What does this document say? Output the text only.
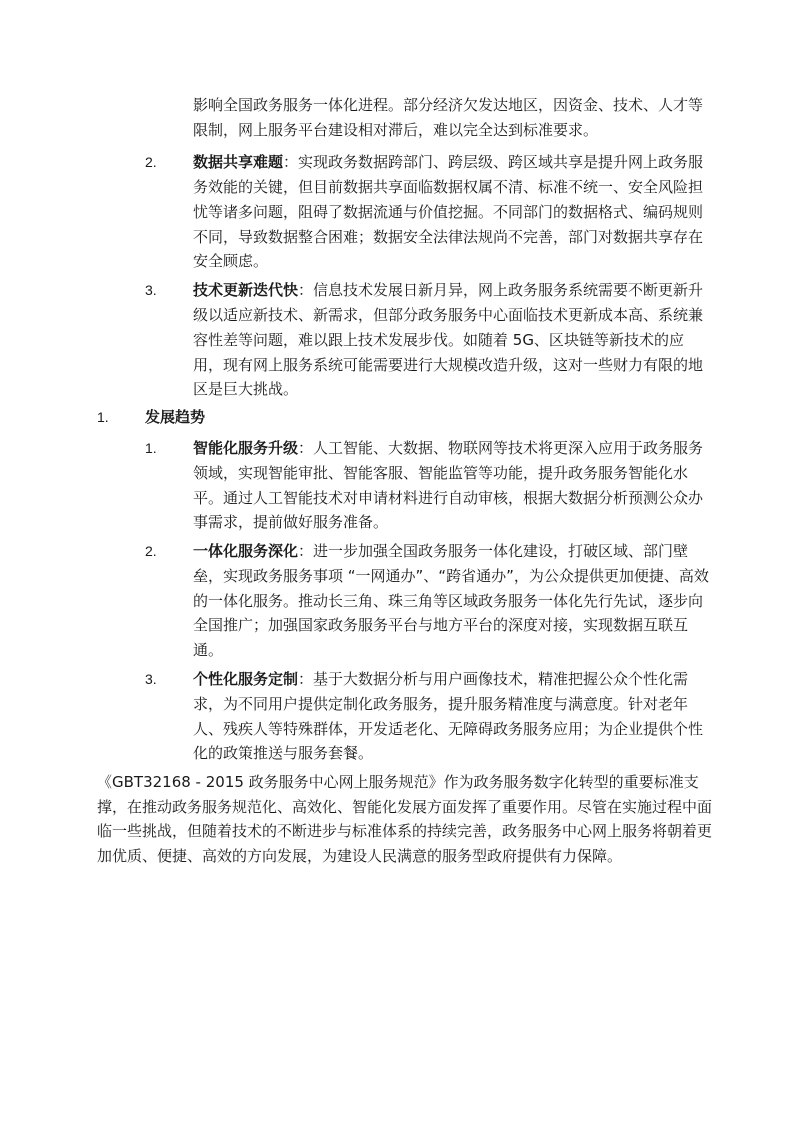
影响全国政务服务一体化进程。部分经济欠发达地区，因资金、技术、人才等
限制，网上服务平台建设相对滞后，难以完全达到标准要求。
2. 数据共享难题：实现政务数据跨部门、跨层级、跨区域共享是提升网上政务服
务效能的关键，但目前数据共享面临数据权属不清、标准不统一、安全风险担
忧等诸多问题，阻碍了数据流通与价值挖掘。不同部门的数据格式、编码规则
不同，导致数据整合困难；数据安全法律法规尚不完善，部门对数据共享存在
安全顾虑。
3. 技术更新迭代快：信息技术发展日新月异，网上政务服务系统需要不断更新升
级以适应新技术、新需求，但部分政务服务中心面临技术更新成本高、系统兼
容性差等问题，难以跟上技术发展步伐。如随着 5G、区块链等新技术的应
用，现有网上服务系统可能需要进行大规模改造升级，这对一些财力有限的地
区是巨大挑战。
1. 发展趋势
1. 智能化服务升级：人工智能、大数据、物联网等技术将更深入应用于政务服务
领域，实现智能审批、智能客服、智能监管等功能，提升政务服务智能化水
平。通过人工智能技术对申请材料进行自动审核，根据大数据分析预测公众办
事需求，提前做好服务准备。
2. 一体化服务深化：进一步加强全国政务服务一体化建设，打破区域、部门壁
垒，实现政务服务事项 “一网通办”、“跨省通办”，为公众提供更加便捷、高效
的一体化服务。推动长三角、珠三角等区域政务服务一体化先行先试，逐步向
全国推广；加强国家政务服务平台与地方平台的深度对接，实现数据互联互
通。
3. 个性化服务定制：基于大数据分析与用户画像技术，精准把握公众个性化需
求，为不同用户提供定制化政务服务，提升服务精准度与满意度。针对老年
人、残疾人等特殊群体，开发适老化、无障碍政务服务应用；为企业提供个性
化的政策推送与服务套餐。
《GBT32168 - 2015 政务服务中心网上服务规范》作为政务服务数字化转型的重要标准支
撑，在推动政务服务规范化、高效化、智能化发展方面发挥了重要作用。尽管在实施过程中面
临一些挑战，但随着技术的不断进步与标准体系的持续完善，政务服务中心网上服务将朝着更
加优质、便捷、高效的方向发展，为建设人民满意的服务型政府提供有力保障。
